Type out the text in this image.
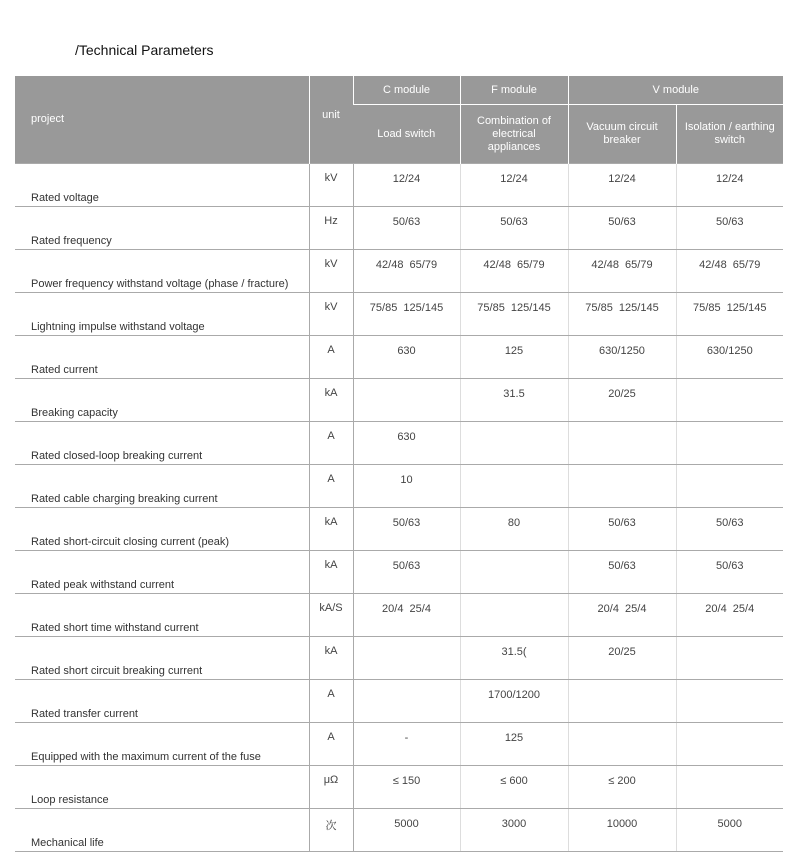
/Technical Parameters
project	unit	C module	F module	V module	
		Load switch	Combination of electrical appliances	Vacuum circuit breaker	Isolation / earthing switch
Rated voltage	kV	12/24	12/24	12/24	12/24
Rated frequency	Hz	50/63	50/63	50/63	50/63
Power frequency withstand voltage (phase / fracture)	kV	42/48  65/79	42/48  65/79	42/48  65/79	42/48  65/79
Lightning impulse withstand voltage	kV	75/85  125/145	75/85  125/145	75/85  125/145	75/85  125/145
Rated current	A	630	125	630/1250	630/1250
Breaking capacity	kA		31.5	20/25	
Rated closed-loop breaking current	A	630			
Rated cable charging breaking current	A	10			
Rated short-circuit closing current (peak)	kA	50/63	80	50/63	50/63
Rated peak withstand current	kA	50/63		50/63	50/63
Rated short time withstand current	kA/S	20/4  25/4		20/4  25/4	20/4  25/4
Rated short circuit breaking current	kA		31.5(	20/25	
Rated transfer current	A		1700/1200		
Equipped with the maximum current of the fuse	A	-	125		
Loop resistance	μΩ	≤ 150	≤ 600	≤ 200	
Mechanical life	次	5000	3000	10000	5000
